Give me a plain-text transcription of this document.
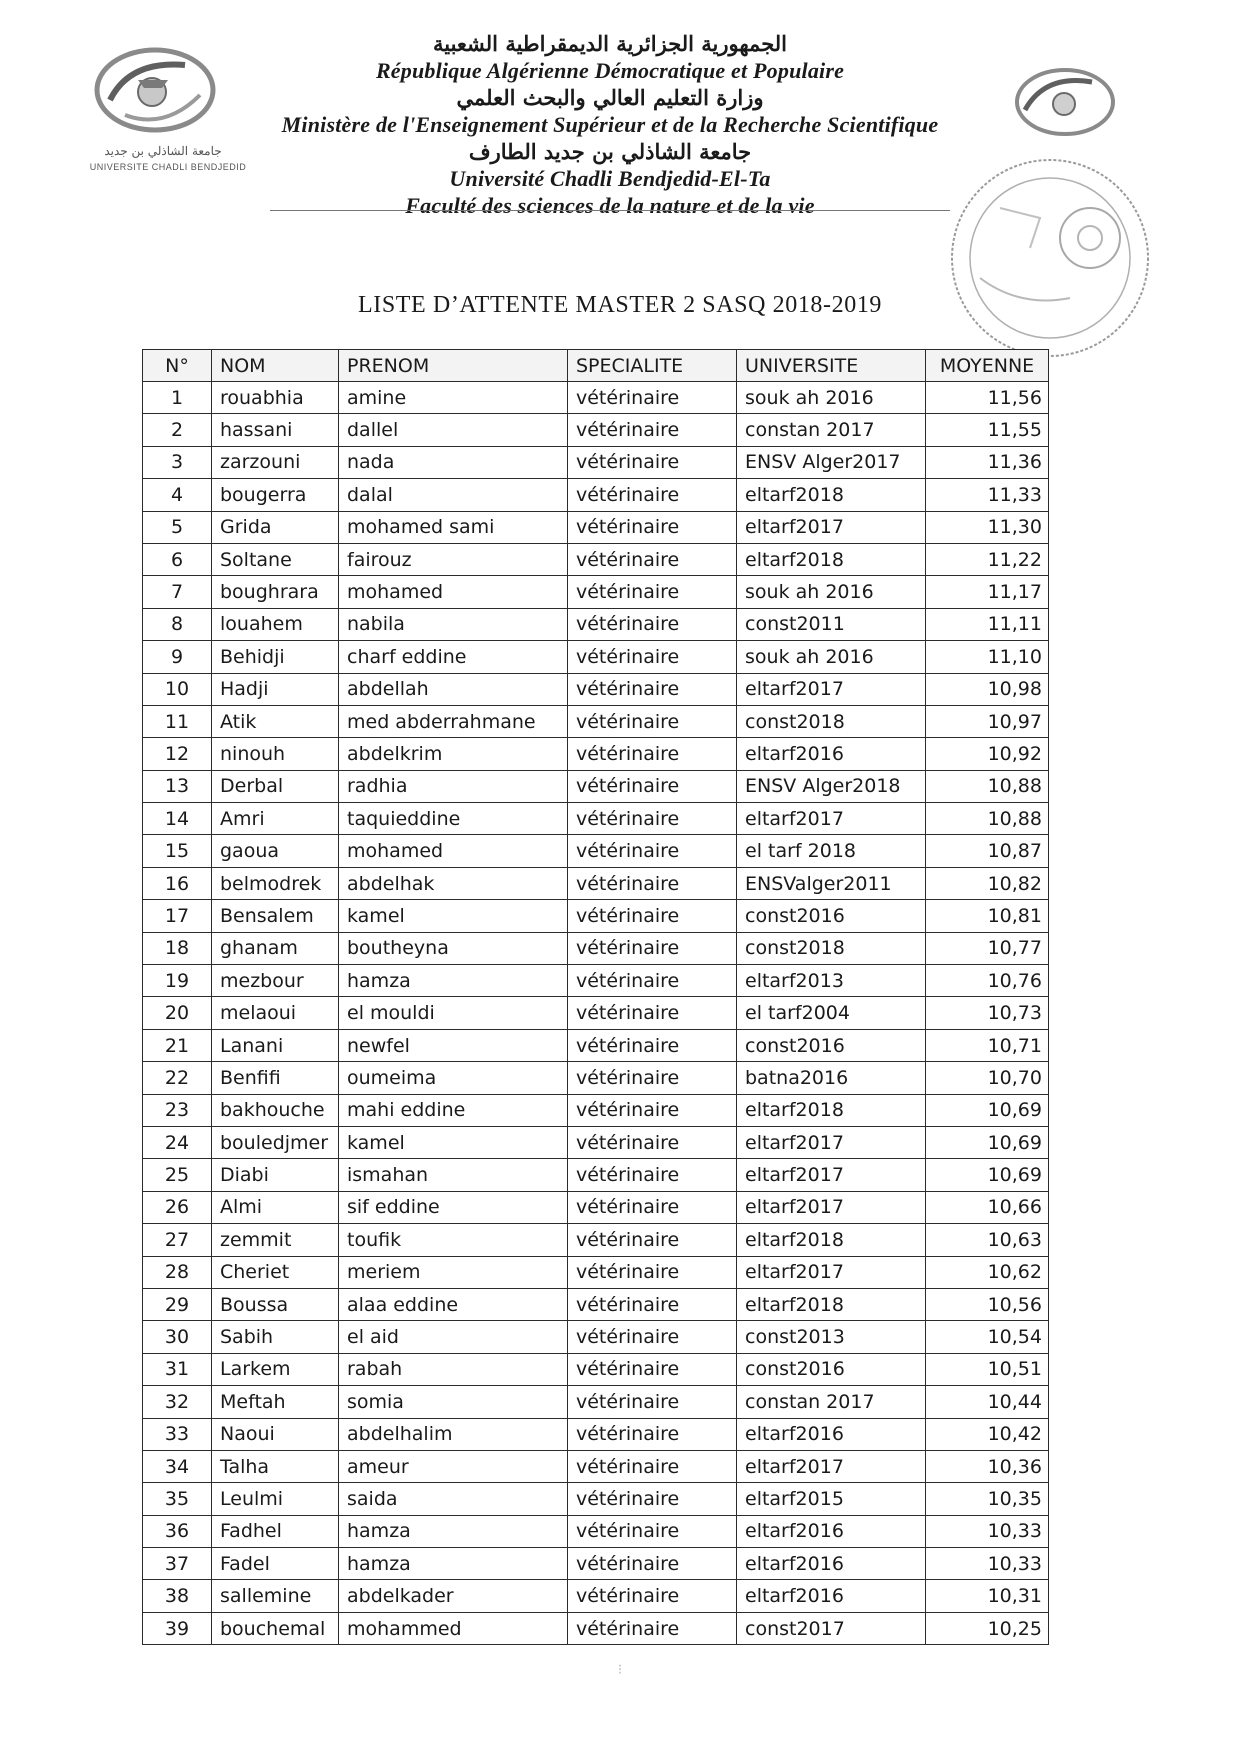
جامعة الشاذلي بن جديد
UNIVERSITE CHADLI BENDJEDID
الجمهورية الجزائرية الديمقراطية الشعبية
République Algérienne Démocratique et Populaire
وزارة التعليم العالي والبحث العلمي
Ministère de l'Enseignement Supérieur et de la Recherche Scientifique
جامعة الشاذلي بن جديد الطارف
Université Chadli Bendjedid-El-Ta
Faculté des sciences de la nature et de la vie
LISTE D’ATTENTE MASTER 2 SASQ 2018-2019
N°	NOM	PRENOM	SPECIALITE	UNIVERSITE	MOYENNE
1	rouabhia	amine	vétérinaire	souk ah 2016	11,56
2	hassani	dallel	vétérinaire	constan 2017	11,55
3	zarzouni	nada	vétérinaire	ENSV Alger2017	11,36
4	bougerra	dalal	vétérinaire	eltarf2018	11,33
5	Grida	mohamed sami	vétérinaire	eltarf2017	11,30
6	Soltane	fairouz	vétérinaire	eltarf2018	11,22
7	boughrara	mohamed	vétérinaire	souk ah 2016	11,17
8	louahem	nabila	vétérinaire	const2011	11,11
9	Behidji	charf eddine	vétérinaire	souk ah 2016	11,10
10	Hadji	abdellah	vétérinaire	eltarf2017	10,98
11	Atik	med abderrahmane	vétérinaire	const2018	10,97
12	ninouh	abdelkrim	vétérinaire	eltarf2016	10,92
13	Derbal	radhia	vétérinaire	ENSV Alger2018	10,88
14	Amri	taquieddine	vétérinaire	eltarf2017	10,88
15	gaoua	mohamed	vétérinaire	el tarf 2018	10,87
16	belmodrek	abdelhak	vétérinaire	ENSValger2011	10,82
17	Bensalem	kamel	vétérinaire	const2016	10,81
18	ghanam	boutheyna	vétérinaire	const2018	10,77
19	mezbour	hamza	vétérinaire	eltarf2013	10,76
20	melaoui	el mouldi	vétérinaire	el tarf2004	10,73
21	Lanani	newfel	vétérinaire	const2016	10,71
22	Benfifi	oumeima	vétérinaire	batna2016	10,70
23	bakhouche	mahi eddine	vétérinaire	eltarf2018	10,69
24	bouledjmer	kamel	vétérinaire	eltarf2017	10,69
25	Diabi	ismahan	vétérinaire	eltarf2017	10,69
26	Almi	sif eddine	vétérinaire	eltarf2017	10,66
27	zemmit	toufik	vétérinaire	eltarf2018	10,63
28	Cheriet	meriem	vétérinaire	eltarf2017	10,62
29	Boussa	alaa eddine	vétérinaire	eltarf2018	10,56
30	Sabih	el aid	vétérinaire	const2013	10,54
31	Larkem	rabah	vétérinaire	const2016	10,51
32	Meftah	somia	vétérinaire	constan 2017	10,44
33	Naoui	abdelhalim	vétérinaire	eltarf2016	10,42
34	Talha	ameur	vétérinaire	eltarf2017	10,36
35	Leulmi	saida	vétérinaire	eltarf2015	10,35
36	Fadhel	hamza	vétérinaire	eltarf2016	10,33
37	Fadel	hamza	vétérinaire	eltarf2016	10,33
38	sallemine	abdelkader	vétérinaire	eltarf2016	10,31
39	bouchemal	mohammed	vétérinaire	const2017	10,25
⁝
